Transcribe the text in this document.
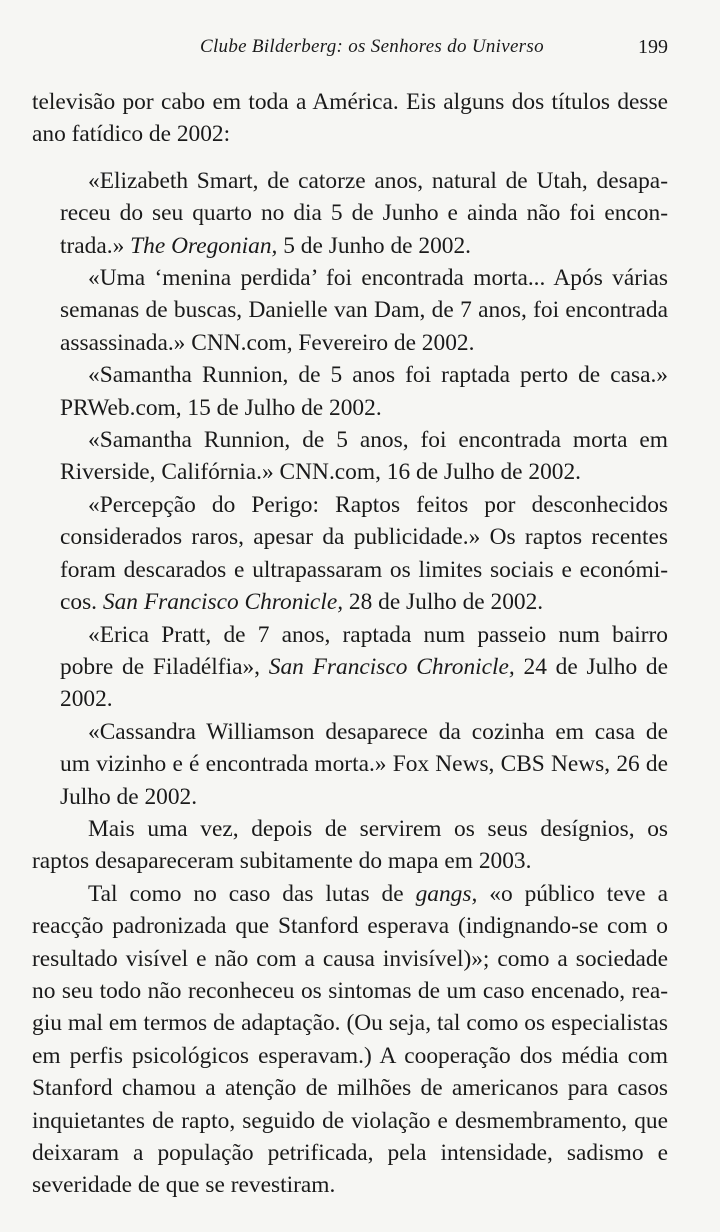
Clube Bilderberg: os Senhores do Universo	199

televisão por cabo em toda a América. Eis alguns dos títulos desse ano fatídico de 2002:

«Elizabeth Smart, de catorze anos, natural de Utah, desapareceu do seu quarto no dia 5 de Junho e ainda não foi encontrada.» The Oregonian, 5 de Junho de 2002.

«Uma ‘menina perdida’ foi encontrada morta... Após várias semanas de buscas, Danielle van Dam, de 7 anos, foi encontrada assassinada.» CNN.com, Fevereiro de 2002.

«Samantha Runnion, de 5 anos foi raptada perto de casa.» PRWeb.com, 15 de Julho de 2002.

«Samantha Runnion, de 5 anos, foi encontrada morta em Riverside, Califórnia.» CNN.com, 16 de Julho de 2002.

«Percepção do Perigo: Raptos feitos por desconhecidos considerados raros, apesar da publicidade.» Os raptos recentes foram descarados e ultrapassaram os limites sociais e económicos. San Francisco Chronicle, 28 de Julho de 2002.

«Erica Pratt, de 7 anos, raptada num passeio num bairro pobre de Filadélfia», San Francisco Chronicle, 24 de Julho de 2002.

«Cassandra Williamson desaparece da cozinha em casa de um vizinho e é encontrada morta.» Fox News, CBS News, 26 de Julho de 2002.

Mais uma vez, depois de servirem os seus desígnios, os raptos desapareceram subitamente do mapa em 2003.

Tal como no caso das lutas de gangs, «o público teve a reacção padronizada que Stanford esperava (indignando-se com o resultado visível e não com a causa invisível)»; como a sociedade no seu todo não reconheceu os sintomas de um caso encenado, reagiu mal em termos de adaptação. (Ou seja, tal como os especialistas em perfis psicológicos esperavam.) A cooperação dos média com Stanford chamou a atenção de milhões de americanos para casos inquietantes de rapto, seguido de violação e desmembramento, que deixaram a população petrificada, pela intensidade, sadismo e severidade de que se revestiram.
